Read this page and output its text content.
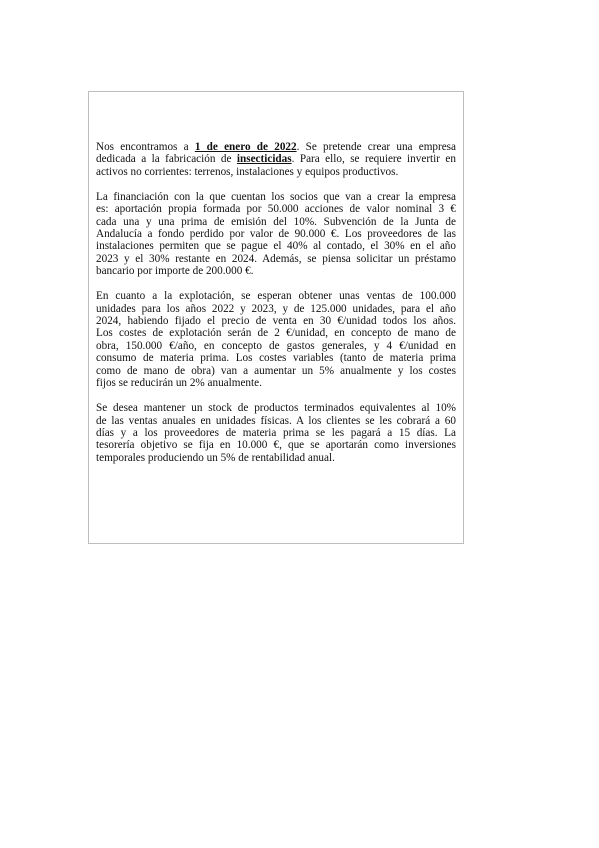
Nos encontramos a 1 de enero de 2022. Se pretende crear una empresa
dedicada a la fabricación de insecticidas. Para ello, se requiere invertir en
activos no corrientes: terrenos, instalaciones y equipos productivos.
La financiación con la que cuentan los socios que van a crear la empresa
es: aportación propia formada por 50.000 acciones de valor nominal 3 €
cada una y una prima de emisión del 10%. Subvención de la Junta de
Andalucía a fondo perdido por valor de 90.000 €. Los proveedores de las
instalaciones permiten que se pague el 40% al contado, el 30% en el año
2023 y el 30% restante en 2024. Además, se piensa solicitar un préstamo
bancario por importe de 200.000 €.
En cuanto a la explotación, se esperan obtener unas ventas de 100.000
unidades para los años 2022 y 2023, y de 125.000 unidades, para el año
2024, habiendo fijado el precio de venta en 30 €/unidad todos los años.
Los costes de explotación serán de 2 €/unidad, en concepto de mano de
obra, 150.000 €/año, en concepto de gastos generales, y 4 €/unidad en
consumo de materia prima. Los costes variables (tanto de materia prima
como de mano de obra) van a aumentar un 5% anualmente y los costes
fijos se reducirán un 2% anualmente.
Se desea mantener un stock de productos terminados equivalentes al 10%
de las ventas anuales en unidades físicas. A los clientes se les cobrará a 60
días y a los proveedores de materia prima se les pagará a 15 días. La
tesorería objetivo se fija en 10.000 €, que se aportarán como inversiones
temporales produciendo un 5% de rentabilidad anual.
